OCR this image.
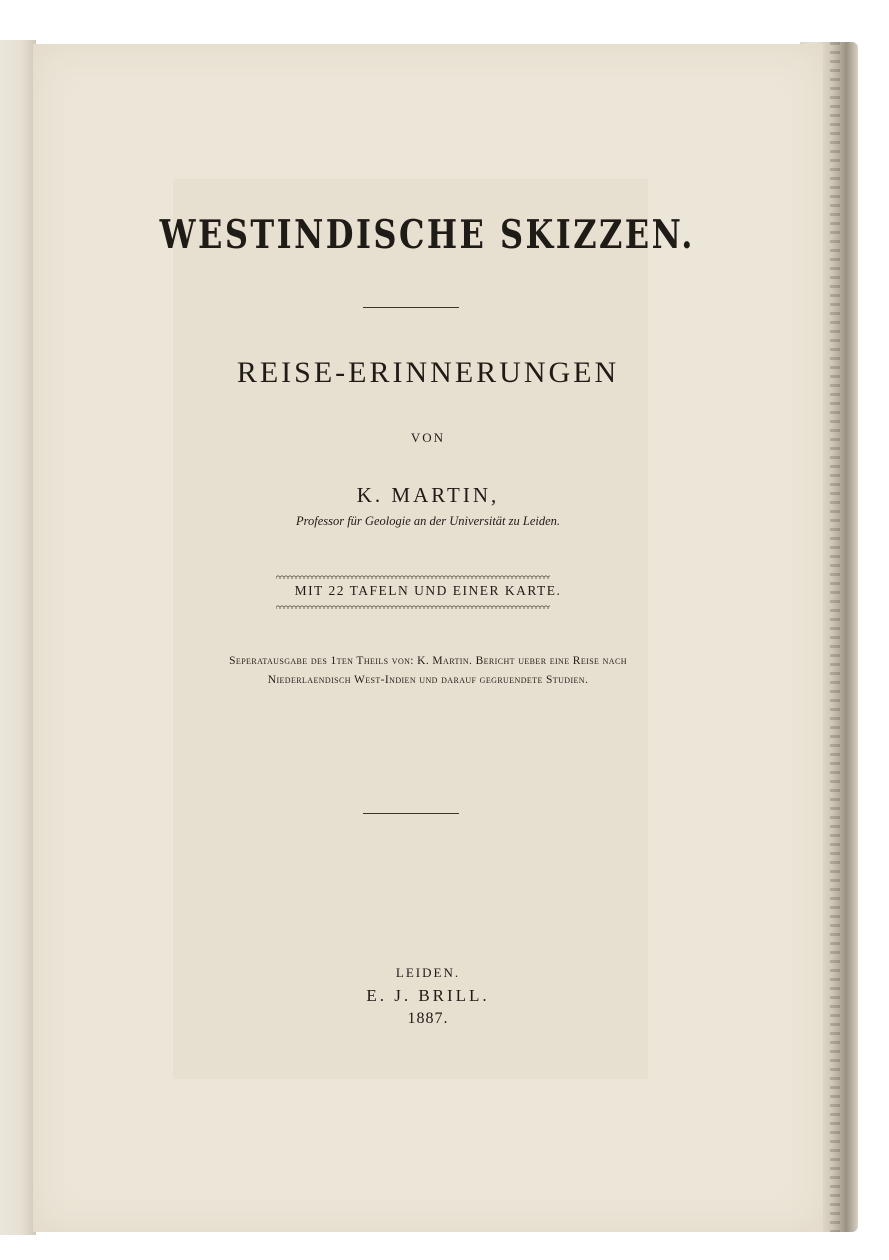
WESTINDISCHE SKIZZEN.
REISE-ERINNERUNGEN
VON
K. MARTIN,
Professor für Geologie an der Universität zu Leiden.
MIT 22 TAFELN UND EINER KARTE.
Seperatausgabe des 1ten Theils von: K. Martin. Bericht ueber eine Reise nach
Niederlaendisch West-Indien und darauf gegruendete Studien.
LEIDEN.
E. J. BRILL.
1887.
